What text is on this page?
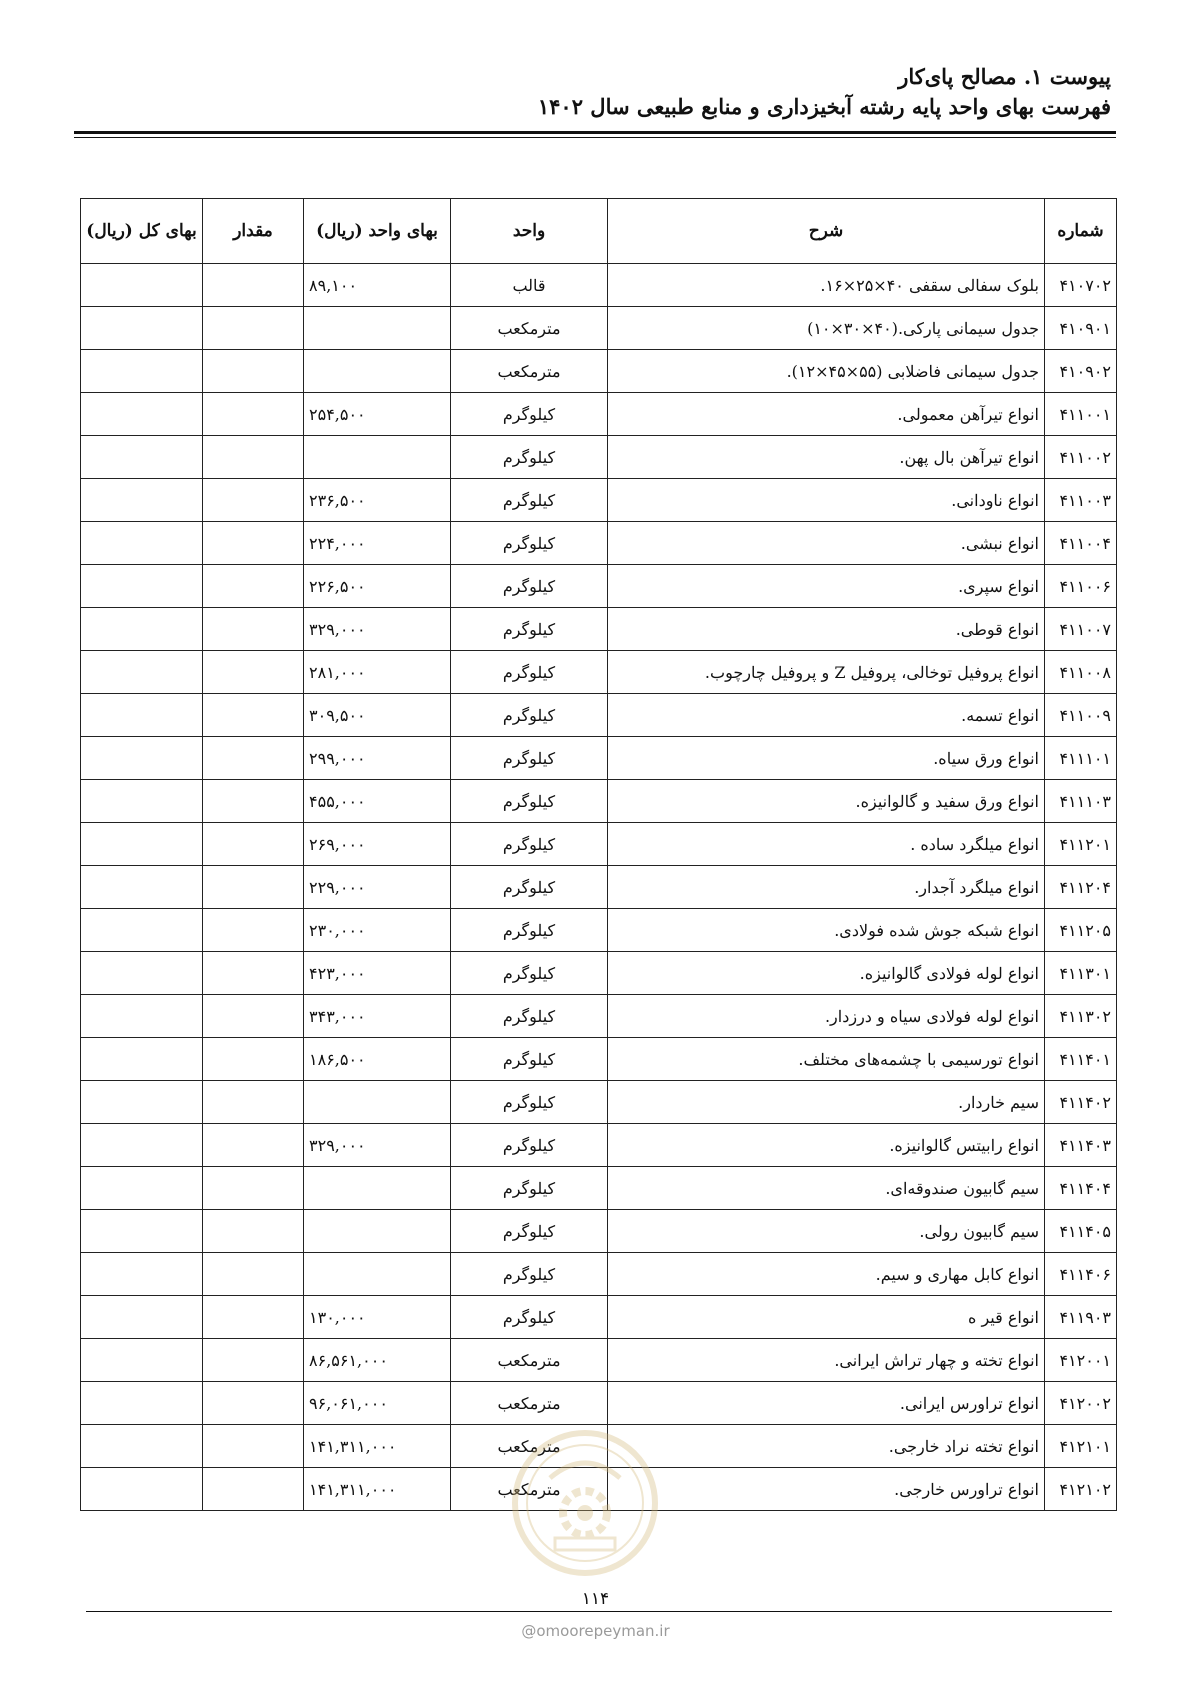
پیوست ۱. مصالح پای‌کار
فهرست بهای واحد پایه رشته آبخیزداری و منابع طبیعی سال ۱۴۰۲
شماره	شرح	واحد	بهای واحد (ریال)	مقدار	بهای کل (ریال)
۴۱۰۷۰۲	بلوک سفالی سقفی ۴۰×۲۵×۱۶.	قالب	۸۹,۱۰۰		
۴۱۰۹۰۱	جدول سیمانی پارکی.(۴۰×۳۰×۱۰)	مترمکعب			
۴۱۰۹۰۲	جدول سیمانی فاضلابی (۵۵×۴۵×۱۲).	مترمکعب			
۴۱۱۰۰۱	انواع تیرآهن معمولی.	کیلوگرم	۲۵۴,۵۰۰		
۴۱۱۰۰۲	انواع تیرآهن بال پهن.	کیلوگرم			
۴۱۱۰۰۳	انواع ناودانی.	کیلوگرم	۲۳۶,۵۰۰		
۴۱۱۰۰۴	انواع نبشی.	کیلوگرم	۲۲۴,۰۰۰		
۴۱۱۰۰۶	انواع سپری.	کیلوگرم	۲۲۶,۵۰۰		
۴۱۱۰۰۷	انواع قوطی.	کیلوگرم	۳۲۹,۰۰۰		
۴۱۱۰۰۸	انواع پروفیل توخالی، پروفیل Z و پروفیل چارچوب.	کیلوگرم	۲۸۱,۰۰۰		
۴۱۱۰۰۹	انواع تسمه.	کیلوگرم	۳۰۹,۵۰۰		
۴۱۱۱۰۱	انواع ورق سیاه.	کیلوگرم	۲۹۹,۰۰۰		
۴۱۱۱۰۳	انواع ورق سفید و گالوانیزه.	کیلوگرم	۴۵۵,۰۰۰		
۴۱۱۲۰۱	انواع میلگرد ساده .	کیلوگرم	۲۶۹,۰۰۰		
۴۱۱۲۰۴	انواع میلگرد آجدار.	کیلوگرم	۲۲۹,۰۰۰		
۴۱۱۲۰۵	انواع شبکه جوش شده فولادی.	کیلوگرم	۲۳۰,۰۰۰		
۴۱۱۳۰۱	انواع لوله فولادی گالوانیزه.	کیلوگرم	۴۲۳,۰۰۰		
۴۱۱۳۰۲	انواع لوله فولادی سیاه و درزدار.	کیلوگرم	۳۴۳,۰۰۰		
۴۱۱۴۰۱	انواع تورسیمی با چشمه‌های مختلف.	کیلوگرم	۱۸۶,۵۰۰		
۴۱۱۴۰۲	سیم خاردار.	کیلوگرم			
۴۱۱۴۰۳	انواع رابیتس گالوانیزه.	کیلوگرم	۳۲۹,۰۰۰		
۴۱۱۴۰۴	سیم گابیون صندوقه‌ای.	کیلوگرم			
۴۱۱۴۰۵	سیم گابیون رولی.	کیلوگرم			
۴۱۱۴۰۶	انواع کابل مهاری و سیم.	کیلوگرم			
۴۱۱۹۰۳	انواع قیر ه	کیلوگرم	۱۳۰,۰۰۰		
۴۱۲۰۰۱	انواع تخته و چهار تراش ایرانی.	مترمکعب	۸۶,۵۶۱,۰۰۰		
۴۱۲۰۰۲	انواع تراورس ایرانی.	مترمکعب	۹۶,۰۶۱,۰۰۰		
۴۱۲۱۰۱	انواع تخته نراد خارجی.	مترمکعب	۱۴۱,۳۱۱,۰۰۰		
۴۱۲۱۰۲	انواع تراورس خارجی.	مترمکعب	۱۴۱,۳۱۱,۰۰۰		
۱۱۴
@omoorepeyman.ir
